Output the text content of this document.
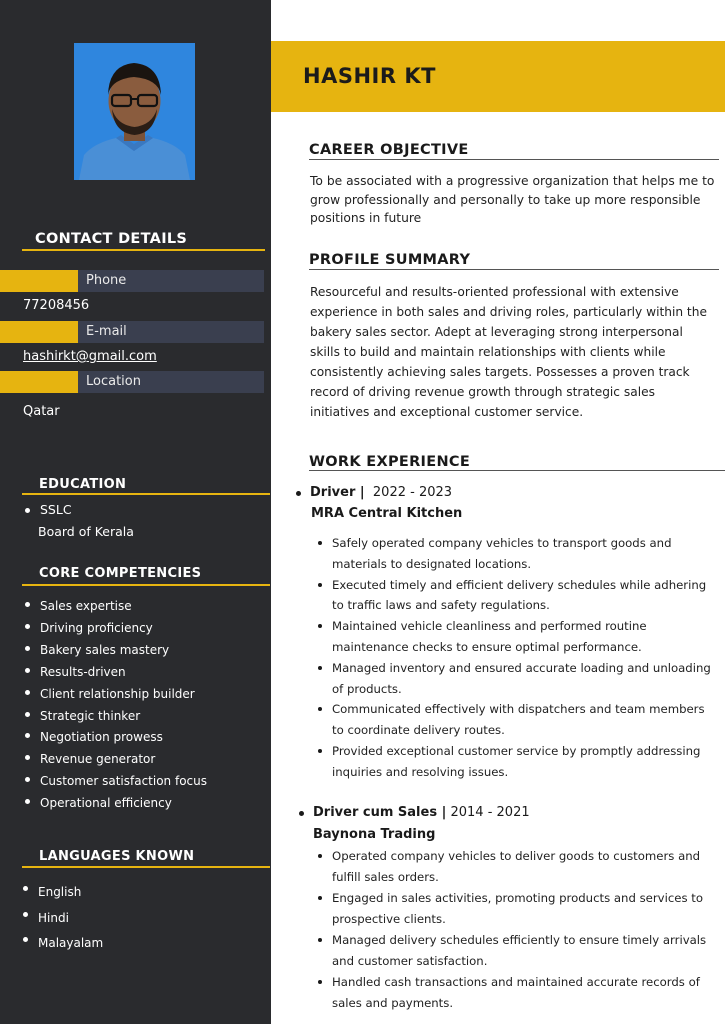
CONTACT DETAILS
Phone
77208456
E-mail
hashirkt@gmail.com
Location
Qatar
EDUCATION
SSLC
Board of Kerala
CORE COMPETENCIES
Sales expertise
Driving proficiency
Bakery sales mastery
Results-driven
Client relationship builder
Strategic thinker
Negotiation prowess
Revenue generator
Customer satisfaction focus
Operational efficiency
LANGUAGES KNOWN
English
Hindi
Malayalam
HASHIR KT
CAREER OBJECTIVE
To be associated with a progressive organization that helps me to grow professionally and personally to take up more responsible positions in future
PROFILE SUMMARY
Resourceful and results-oriented professional with extensive experience in both sales and driving roles, particularly within the bakery sales sector. Adept at leveraging strong interpersonal skills to build and maintain relationships with clients while consistently achieving sales targets. Possesses a proven track record of driving revenue growth through strategic sales initiatives and exceptional customer service.
WORK EXPERIENCE
Driver | 2022 - 2023
MRA Central Kitchen
Safely operated company vehicles to transport goods and materials to designated locations.
Executed timely and efficient delivery schedules while adhering to traffic laws and safety regulations.
Maintained vehicle cleanliness and performed routine maintenance checks to ensure optimal performance.
Managed inventory and ensured accurate loading and unloading of products.
Communicated effectively with dispatchers and team members to coordinate delivery routes.
Provided exceptional customer service by promptly addressing inquiries and resolving issues.
Driver cum Sales | 2014 - 2021
Baynona Trading
Operated company vehicles to deliver goods to customers and fulfill sales orders.
Engaged in sales activities, promoting products and services to prospective clients.
Managed delivery schedules efficiently to ensure timely arrivals and customer satisfaction.
Handled cash transactions and maintained accurate records of sales and payments.
